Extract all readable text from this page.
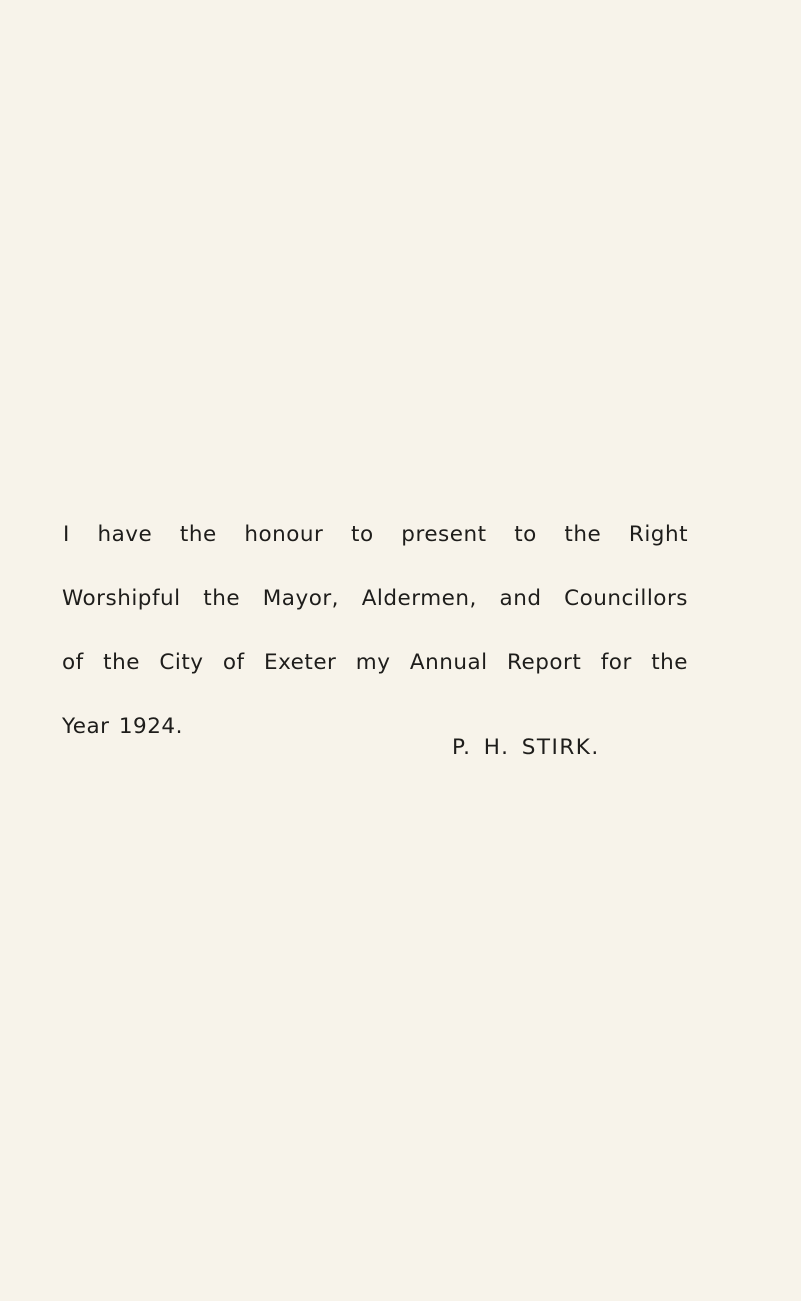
I have the honour to present to the Right
Worshipful the Mayor, Aldermen, and Councillors
of the City of Exeter my Annual Report for the
Year 1924.

P. H. STIRK.
